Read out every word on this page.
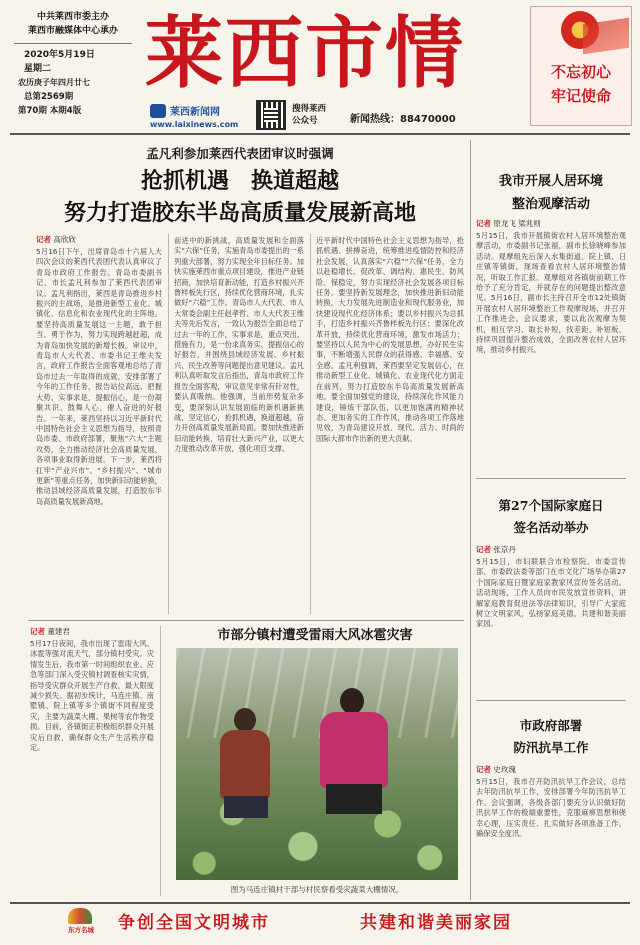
中共莱西市委主办
莱西市融媒体中心承办
2020年5月19日
星期二
农历庚子年四月廿七
总第2569期
第70期 本期4版
莱西市情
莱西新闻网
www.laixinews.com
搜得莱西
公众号	新闻热线：88470000
不忘初心
牢记使命
孟凡利参加莱西代表团审议时强调
抢抓机遇　换道超越
努力打造胶东半岛高质量发展新高地
记者 高欣欣
5月16日下午，出席青岛市十六届人大四次会议的莱西代表团代表认真审议了青岛市政府工作报告。青岛市委副书记、市长孟凡利参加了莱西代表团审议。孟凡利指出，莱西是青岛推进乡村振兴的主战场，是推进新型工业化、城镇化、信息化和农业现代化的主阵地。要坚持高质量发展这一主题，敢于担当、勇于作为，努力实现跨越赶超，成为青岛加快发展的新增长极。审议中，青岛市人大代表、市委书记王维夫发言，政府工作报告全面客观地总结了青岛市过去一年取得的成就，安排部署了今年的工作任务，报告站位高远、把握大势、实事求是，提振信心，是一份凝聚共识、鼓舞人心、催人奋进的好报告。一年来，莱西坚持以习近平新时代中国特色社会主义思想为指导，按照青岛市委、市政府部署，聚焦“六大”主题攻势，全力推动经济社会高质量发展，各项事业取得新进展。下一步，莱西将扛牢“产业兴市”、“乡村振兴”、“城市更新”等重点任务，加快新旧动能转换，推动县域经济高质量发展，打造胶东半岛高质量发展新高地。
前进中的新挑战，高质量发展和全面落实“六保”任务，实施青岛市委提出的一系列重大部署，努力实现全年目标任务。加快实施莱西市重点项目建设，推进产业链招商，加快培育新动能，打造乡村振兴齐鲁样板先行区，持续优化营商环境，扎实做好“六稳”工作。青岛市人大代表、市人大常委会副主任赵孝哲、市人大代表王维夫等先后发言，一致认为报告全面总结了过去一年的工作，实事求是，重点突出，措施有力，是一份求真务实、提振信心的好报告，并围绕县域经济发展、乡村振兴、民生改善等问题提出意见建议。孟凡利认真听取发言后指出，青岛市政府工作报告全面客观，审议意见非常有针对性，要认真吸纳。他强调，当前形势复杂多变，要深刻认识发展面临的新机遇新挑战，坚定信心，抢抓机遇，换道超越，奋力开创高质量发展新局面。要加快推进新旧动能转换，培育壮大新兴产业，以更大力度推动改革开放，强化项目支撑。
近平新时代中国特色社会主义思想为指导，抢抓机遇、拼搏奋进，统筹推进疫情防控和经济社会发展，认真落实“六稳”“六保”任务，全力以赴稳增长、促改革、调结构、惠民生、防风险、保稳定，努力实现经济社会发展各项目标任务。要坚持新发展理念，加快推进新旧动能转换，大力发展先进制造业和现代服务业，加快建设现代化经济体系；要以乡村振兴为总抓手，打造乡村振兴齐鲁样板先行区；要深化改革开放，持续优化营商环境，激发市场活力；要坚持以人民为中心的发展思想，办好民生实事，不断增强人民群众的获得感、幸福感、安全感。孟凡利强调，莱西要坚定发展信心，在推动新型工业化、城镇化、农业现代化方面走在前列，努力打造胶东半岛高质量发展新高地。要全面加强党的建设，持续深化作风能力建设，锤炼干部队伍，以更加饱满的精神状态、更加务实的工作作风，推动各项工作落地见效，为青岛建设开放、现代、活力、时尚的国际大都市作出新的更大贡献。
我市开展人居环境
整治观摩活动
记者 原龙飞 梁兆则
5月15日，我市开展镇街农村人居环境整治观摩活动，市委副书记张福，副市长徐晓峰参加活动。观摩组先后深入水集街道、院上镇、日庄镇等镇街，现场查看农村人居环境整治情况，听取工作汇报。观摩组对各镇街前期工作给予了充分肯定，并就存在的问题提出整改意见。5月16日，副市长主持召开全市12处镇街开展农村人居环境整治工作观摩现场，并召开工作推进会。会议要求，要以此次观摩为契机，相互学习、取长补短，找差距、补短板，持续巩固提升整治成效，全面改善农村人居环境，推动乡村振兴。
第27个国际家庭日
签名活动举办
记者 张京丹
5月15日，市妇联联合市检察院、市委宣传部、市委政法委等部门在市文化广场举办第27个国际家庭日暨家庭家教家风宣传签名活动。活动现场，工作人员向市民发放宣传资料，讲解家庭教育促进法等法律知识，引导广大家庭树立文明家风，弘扬家庭美德，共建和谐美丽家园。
市政府部署
防汛抗旱工作
记者 史玫瑰
5月15日，我市召开防汛抗旱工作会议，总结去年防汛抗旱工作，安排部署今年防汛抗旱工作。会议强调，各级各部门要充分认识做好防汛抗旱工作的极端重要性，克服麻痹思想和侥幸心理，压实责任、扎实做好各项准备工作，确保安全度汛。
记者 董建君
5月17日夜间，我市出现了雷雨大风、冰雹等强对流天气，部分镇村受灾。灾情发生后，我市第一时间组织农业、应急等部门深入受灾镇村调查核实灾情，指导受灾群众开展生产自救，最大限度减少损失。据初步统计，马连庄镇、南墅镇、院上镇等多个镇街不同程度受灾，主要为蔬菜大棚、果树等农作物受损。目前，各镇街正积极组织群众开展灾后自救，确保群众生产生活秩序稳定。
市部分镇村遭受雷雨大风冰雹灾害
图为马连庄镇村干部与村民察看受灾蔬菜大棚情况。
东方名城	争创全国文明城市	共建和谐美丽家园
